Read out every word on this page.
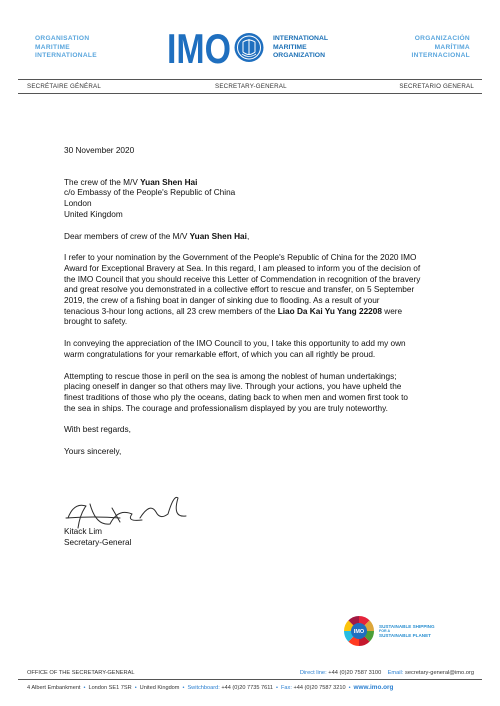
ORGANISATION
MARITIME
INTERNATIONALE IMO	INTERNATIONAL
MARITIME
ORGANIZATION
ORGANIZACIÓN
MARÍTIMA
INTERNACIONAL
SECRÉTAIRE GÉNÉRAL	SECRETARY-GENERAL	SECRETARIO GENERAL

30 November 2020

The crew of the M/V Yuan Shen Hai

c/o Embassy of the People's Republic of China

London

United Kingdom

Dear members of crew of the M/V Yuan Shen Hai,

I refer to your nomination by the Government of the People's Republic of China for the 2020 IMO

Award for Exceptional Bravery at Sea. In this regard, I am pleased to inform you of the decision of

the IMO Council that you should receive this Letter of Commendation in recognition of the bravery

and great resolve you demonstrated in a collective effort to rescue and transfer, on 5 September

2019, the crew of a fishing boat in danger of sinking due to flooding. As a result of your

tenacious 3-hour long actions, all 23 crew members of the Liao Da Kai Yu Yang 22208 were

brought to safety.

In conveying the appreciation of the IMO Council to you, I take this opportunity to add my own

warm congratulations for your remarkable effort, of which you can all rightly be proud.

Attempting to rescue those in peril on the sea is among the noblest of human undertakings;

placing oneself in danger so that others may live. Through your actions, you have upheld the

finest traditions of those who ply the oceans, dating back to when men and women first took to

the sea in ships. The courage and professionalism displayed by you are truly noteworthy.

With best regards,

Yours sincerely,

Kitack Lim

Secretary-General

IMO
SUSTAINABLE SHIPPING
FOR A
SUSTAINABLE PLANET
OFFICE OF THE SECRETARY-GENERAL	Direct line: +44 (0)20 7587 3100 Email: secretary-general@imo.org
4 Albert Embankment • London SE1 7SR • United Kingdom • Switchboard: +44 (0)20 7735 7611 • Fax: +44 (0)20 7587 3210 • www.imo.org
